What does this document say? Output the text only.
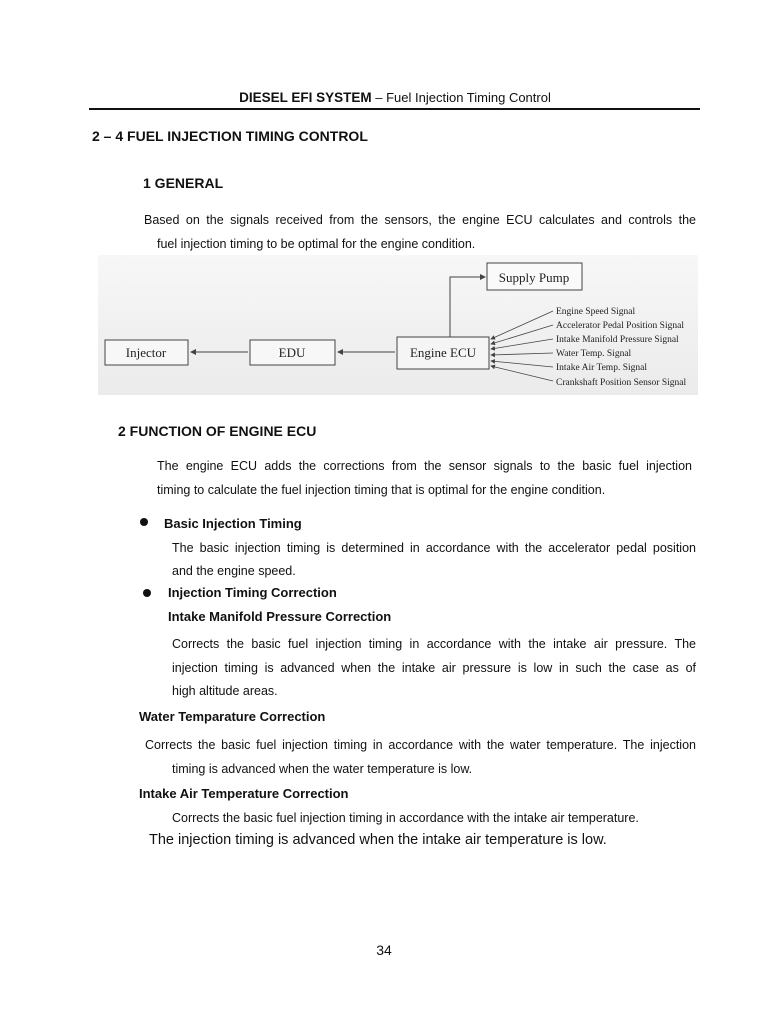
DIESEL EFI SYSTEM – Fuel Injection Timing Control
2 – 4 FUEL INJECTION TIMING CONTROL
1 GENERAL
Based on the signals received from the sensors, the engine ECU calculates and controls the
fuel injection timing to be optimal for the engine condition.
Supply Pump
Engine ECU
EDU
Injector
Engine Speed Signal
Accelerator Pedal Position Signal
Intake Manifold Pressure Signal
Water Temp. Signal
Intake Air Temp. Signal
Crankshaft Position Sensor Signal
2 FUNCTION OF ENGINE ECU
The engine ECU adds the corrections from the sensor signals to the basic fuel injection
timing to calculate the fuel injection timing that is optimal for the engine condition.
Basic Injection Timing
The basic injection timing is determined in accordance with the accelerator pedal position
and the engine speed.
Injection Timing Correction
Intake Manifold Pressure Correction
Corrects the basic fuel injection timing in accordance with the intake air pressure. The
injection timing is advanced when the intake air pressure is low in such the case as of
high altitude areas.
Water Temparature Correction
Corrects the basic fuel injection timing in accordance with the water temperature. The injection
timing is advanced when the water temperature is low.
Intake Air Temperature Correction
Corrects the basic fuel injection timing in accordance with the intake air temperature.
The injection timing is advanced when the intake air temperature is low.
34
